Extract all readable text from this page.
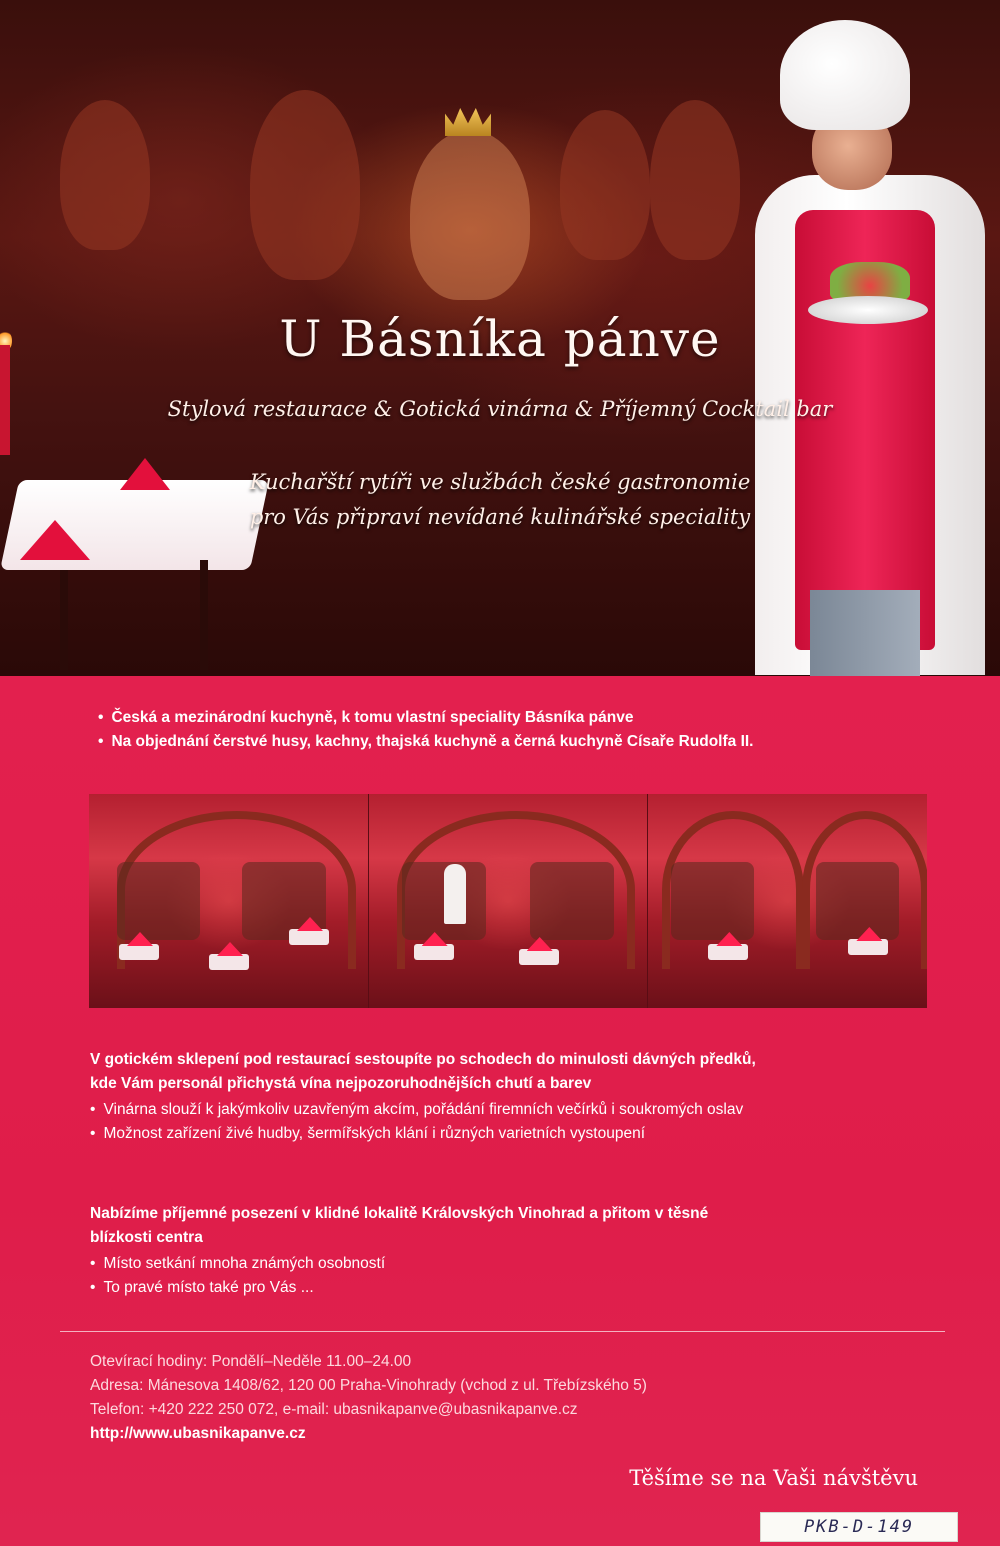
U Básníka pánve
Stylová restaurace & Gotická vinárna & Příjemný Cocktail bar
Kuchařští rytíři ve službách české gastronomie
pro Vás připraví nevídané kulinářské speciality
• Česká a mezinárodní kuchyně, k tomu vlastní speciality Básníka pánve
• Na objednání čerstvé husy, kachny, thajská kuchyně a černá kuchyně Císaře Rudolfa II.

V gotickém sklepení pod restaurací sestoupíte po schodech do minulosti dávných předků,
kde Vám personál přichystá vína nejpozoruhodnějších chutí a barev

• Vinárna slouží k jakýmkoliv uzavřeným akcím, pořádání firemních večírků i soukromých oslav
• Možnost zařízení živé hudby, šermířských klání i různých varietních vystoupení

Nabízíme příjemné posezení v klidné lokalitě Královských Vinohrad a přitom v těsné
blízkosti centra

• Místo setkání mnoha známých osobností
• To pravé místo také pro Vás ...
Otevírací hodiny: Pondělí–Neděle 11.00–24.00
Adresa: Mánesova 1408/62, 120 00 Praha-Vinohrady (vchod z ul. Třebízského 5)
Telefon: +420 222 250 072, e-mail: ubasnikapanve@ubasnikapanve.cz
http://www.ubasnikapanve.cz
Těšíme se na Vaši návštěvu
PKB-D-149
